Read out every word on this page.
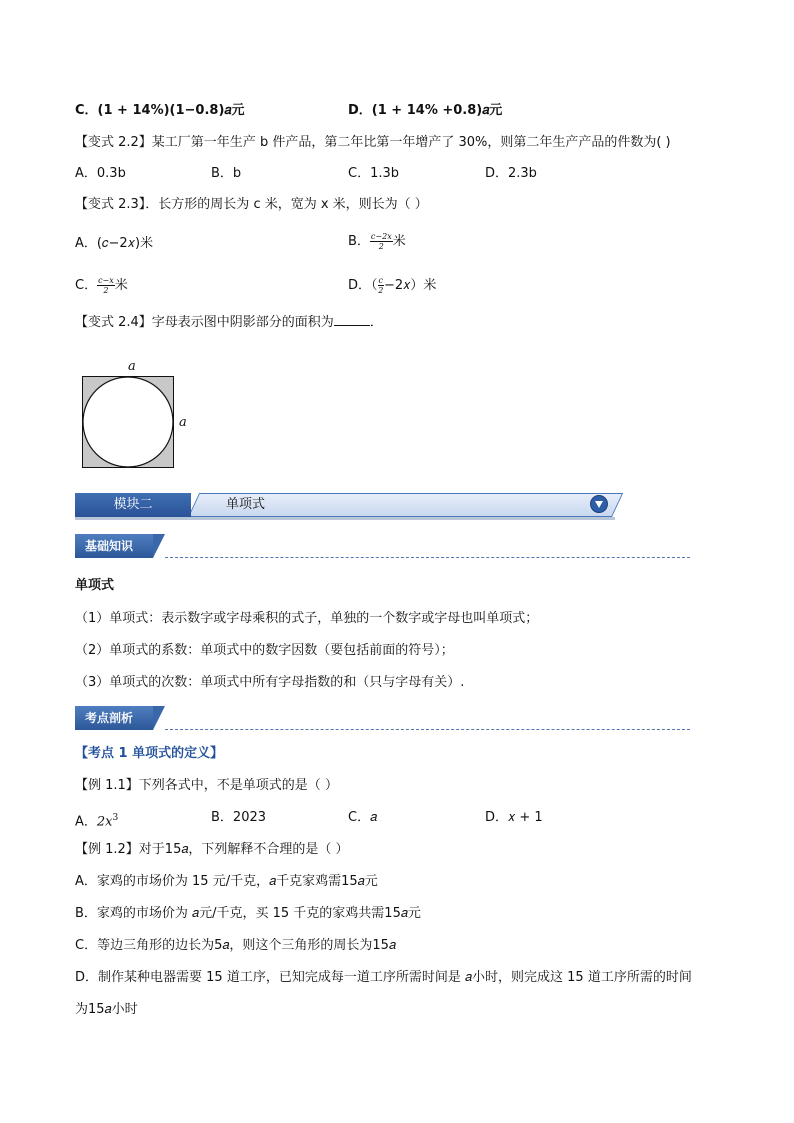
C．(1 + 14%)(1−0.8)𝑎元	D．(1 + 14% +0.8)𝑎元
【变式 2.2】某工厂第一年生产 b 件产品，第二年比第一年增产了 30%，则第二年生产产品的件数为( )
A．0.3b	B．b	C．1.3b	D．2.3b
【变式 2.3】．长方形的周长为 c 米，宽为 x 米，则长为（ ）
A．(𝑐−2𝑥)米	B． $\frac{c-2x}{2}$ 米
C． $\frac{c-x}{2}$ 米	D．（ $\frac{c}{2}$ −2𝑥）米
【变式 2.4】字母表示图中阴影部分的面积为	．
a
a
模块二	单项式
基础知识
单项式
（1）单项式：表示数字或字母乘积的式子，单独的一个数字或字母也叫单项式；
（2）单项式的系数：单项式中的数字因数（要包括前面的符号）；
（3）单项式的次数：单项式中所有字母指数的和（只与字母有关）.
考点剖析
【考点 1 单项式的定义】
【例 1.1】下列各式中，不是单项式的是（ ）
A．2𝑥$^3$	B．2023	C．𝑎	D．𝑥 + 1
【例 1.2】对于15𝑎，下列解释不合理的是（ ）
A．家鸡的市场价为 15 元/千克，𝑎千克家鸡需15𝑎元
B．家鸡的市场价为 𝑎元/千克，买 15 千克的家鸡共需15𝑎元
C．等边三角形的边长为5𝑎，则这个三角形的周长为15𝑎
D．制作某种电器需要 15 道工序，已知完成每一道工序所需时间是 𝑎小时，则完成这 15 道工序所需的时间
为15𝑎小时
